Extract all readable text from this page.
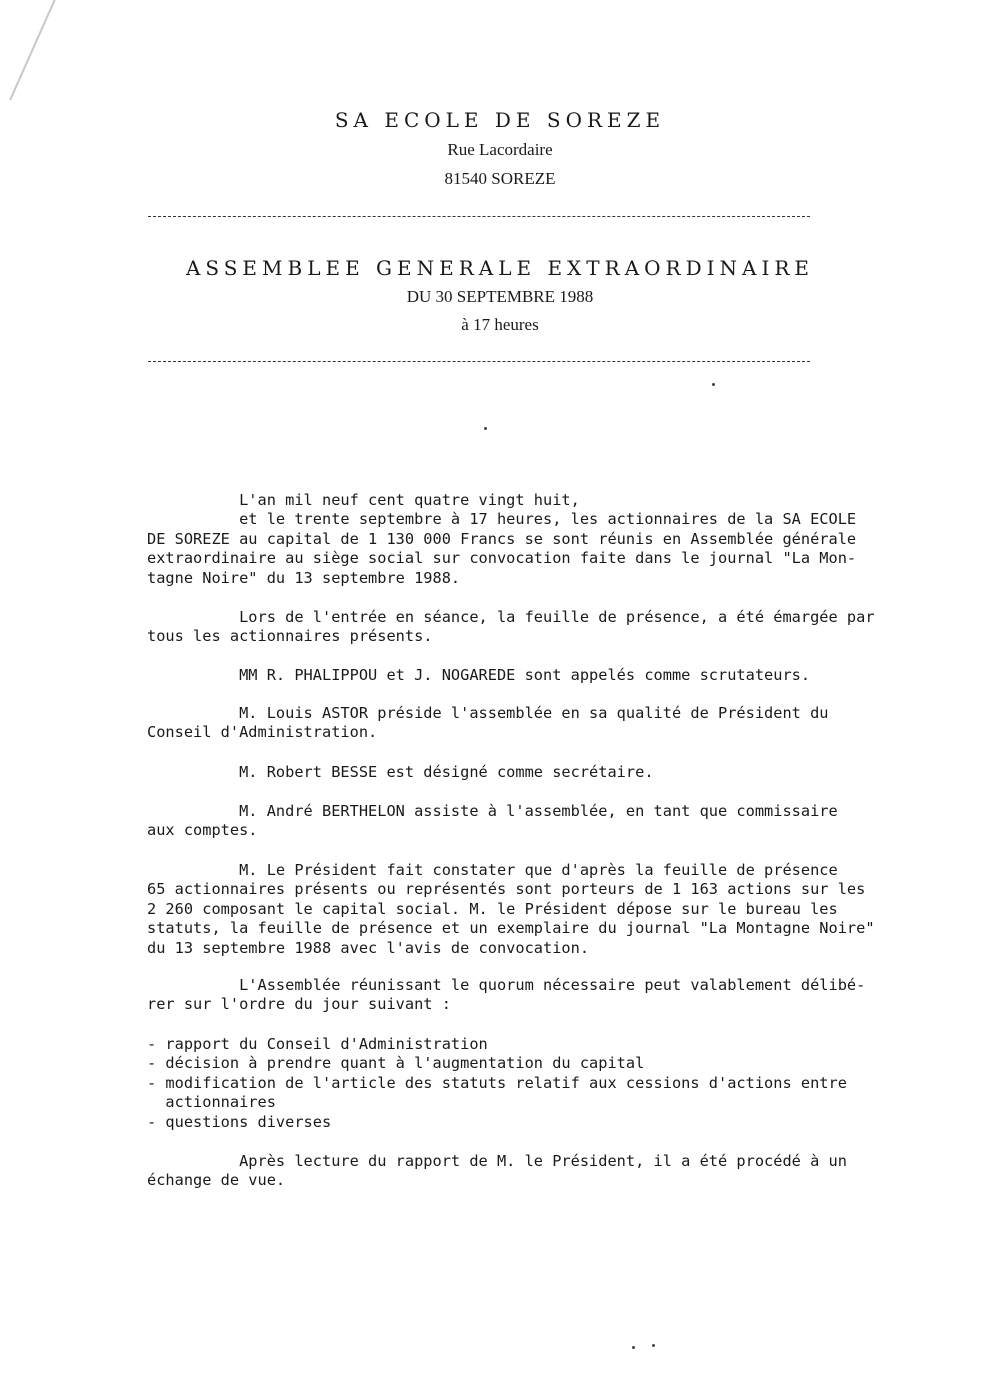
SA ECOLE DE SOREZE
Rue Lacordaire
81540 SOREZE
ASSEMBLEE GENERALE EXTRAORDINAIRE
DU 30 SEPTEMBRE 1988
à 17 heures
L'an mil neuf cent quatre vingt huit,
et le trente septembre à 17 heures, les actionnaires de la SA ECOLE
DE SOREZE au capital de 1 130 000 Francs se sont réunis en Assemblée générale
extraordinaire au siège social sur convocation faite dans le journal "La Mon-
tagne Noire" du 13 septembre 1988.
Lors de l'entrée en séance, la feuille de présence, a été émargée par
tous les actionnaires présents.
MM R. PHALIPPOU et J. NOGAREDE sont appelés comme scrutateurs.
M. Louis ASTOR préside l'assemblée en sa qualité de Président du
Conseil d'Administration.
M. Robert BESSE est désigné comme secrétaire.
M. André BERTHELON assiste à l'assemblée, en tant que commissaire
aux comptes.
M. Le Président fait constater que d'après la feuille de présence
65 actionnaires présents ou représentés sont porteurs de 1 163 actions sur les
2 260 composant le capital social. M. le Président dépose sur le bureau les
statuts, la feuille de présence et un exemplaire du journal "La Montagne Noire"
du 13 septembre 1988 avec l'avis de convocation.
L'Assemblée réunissant le quorum nécessaire peut valablement délibé-
rer sur l'ordre du jour suivant :
- rapport du Conseil d'Administration
- décision à prendre quant à l'augmentation du capital
- modification de l'article des statuts relatif aux cessions d'actions entre
actionnaires
- questions diverses
Après lecture du rapport de M. le Président, il a été procédé à un
échange de vue.
